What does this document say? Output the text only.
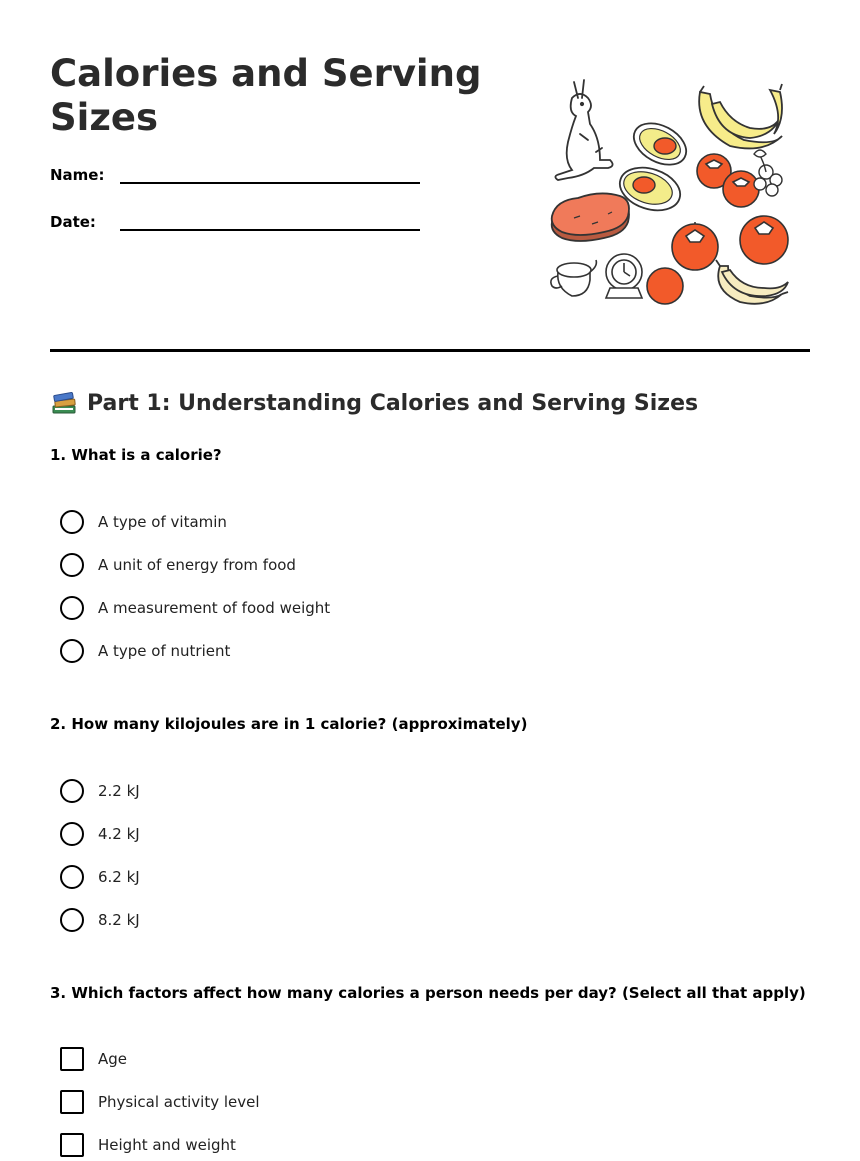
Calories and Serving Sizes
Name:
Date:
Part 1: Understanding Calories and Serving Sizes

1. What is a calorie?

A type of vitamin
A unit of energy from food
A measurement of food weight
A type of nutrient

2. How many kilojoules are in 1 calorie? (approximately)

2.2 kJ
4.2 kJ
6.2 kJ
8.2 kJ

3. Which factors affect how many calories a person needs per day? (Select all that apply)

Age
Physical activity level
Height and weight
